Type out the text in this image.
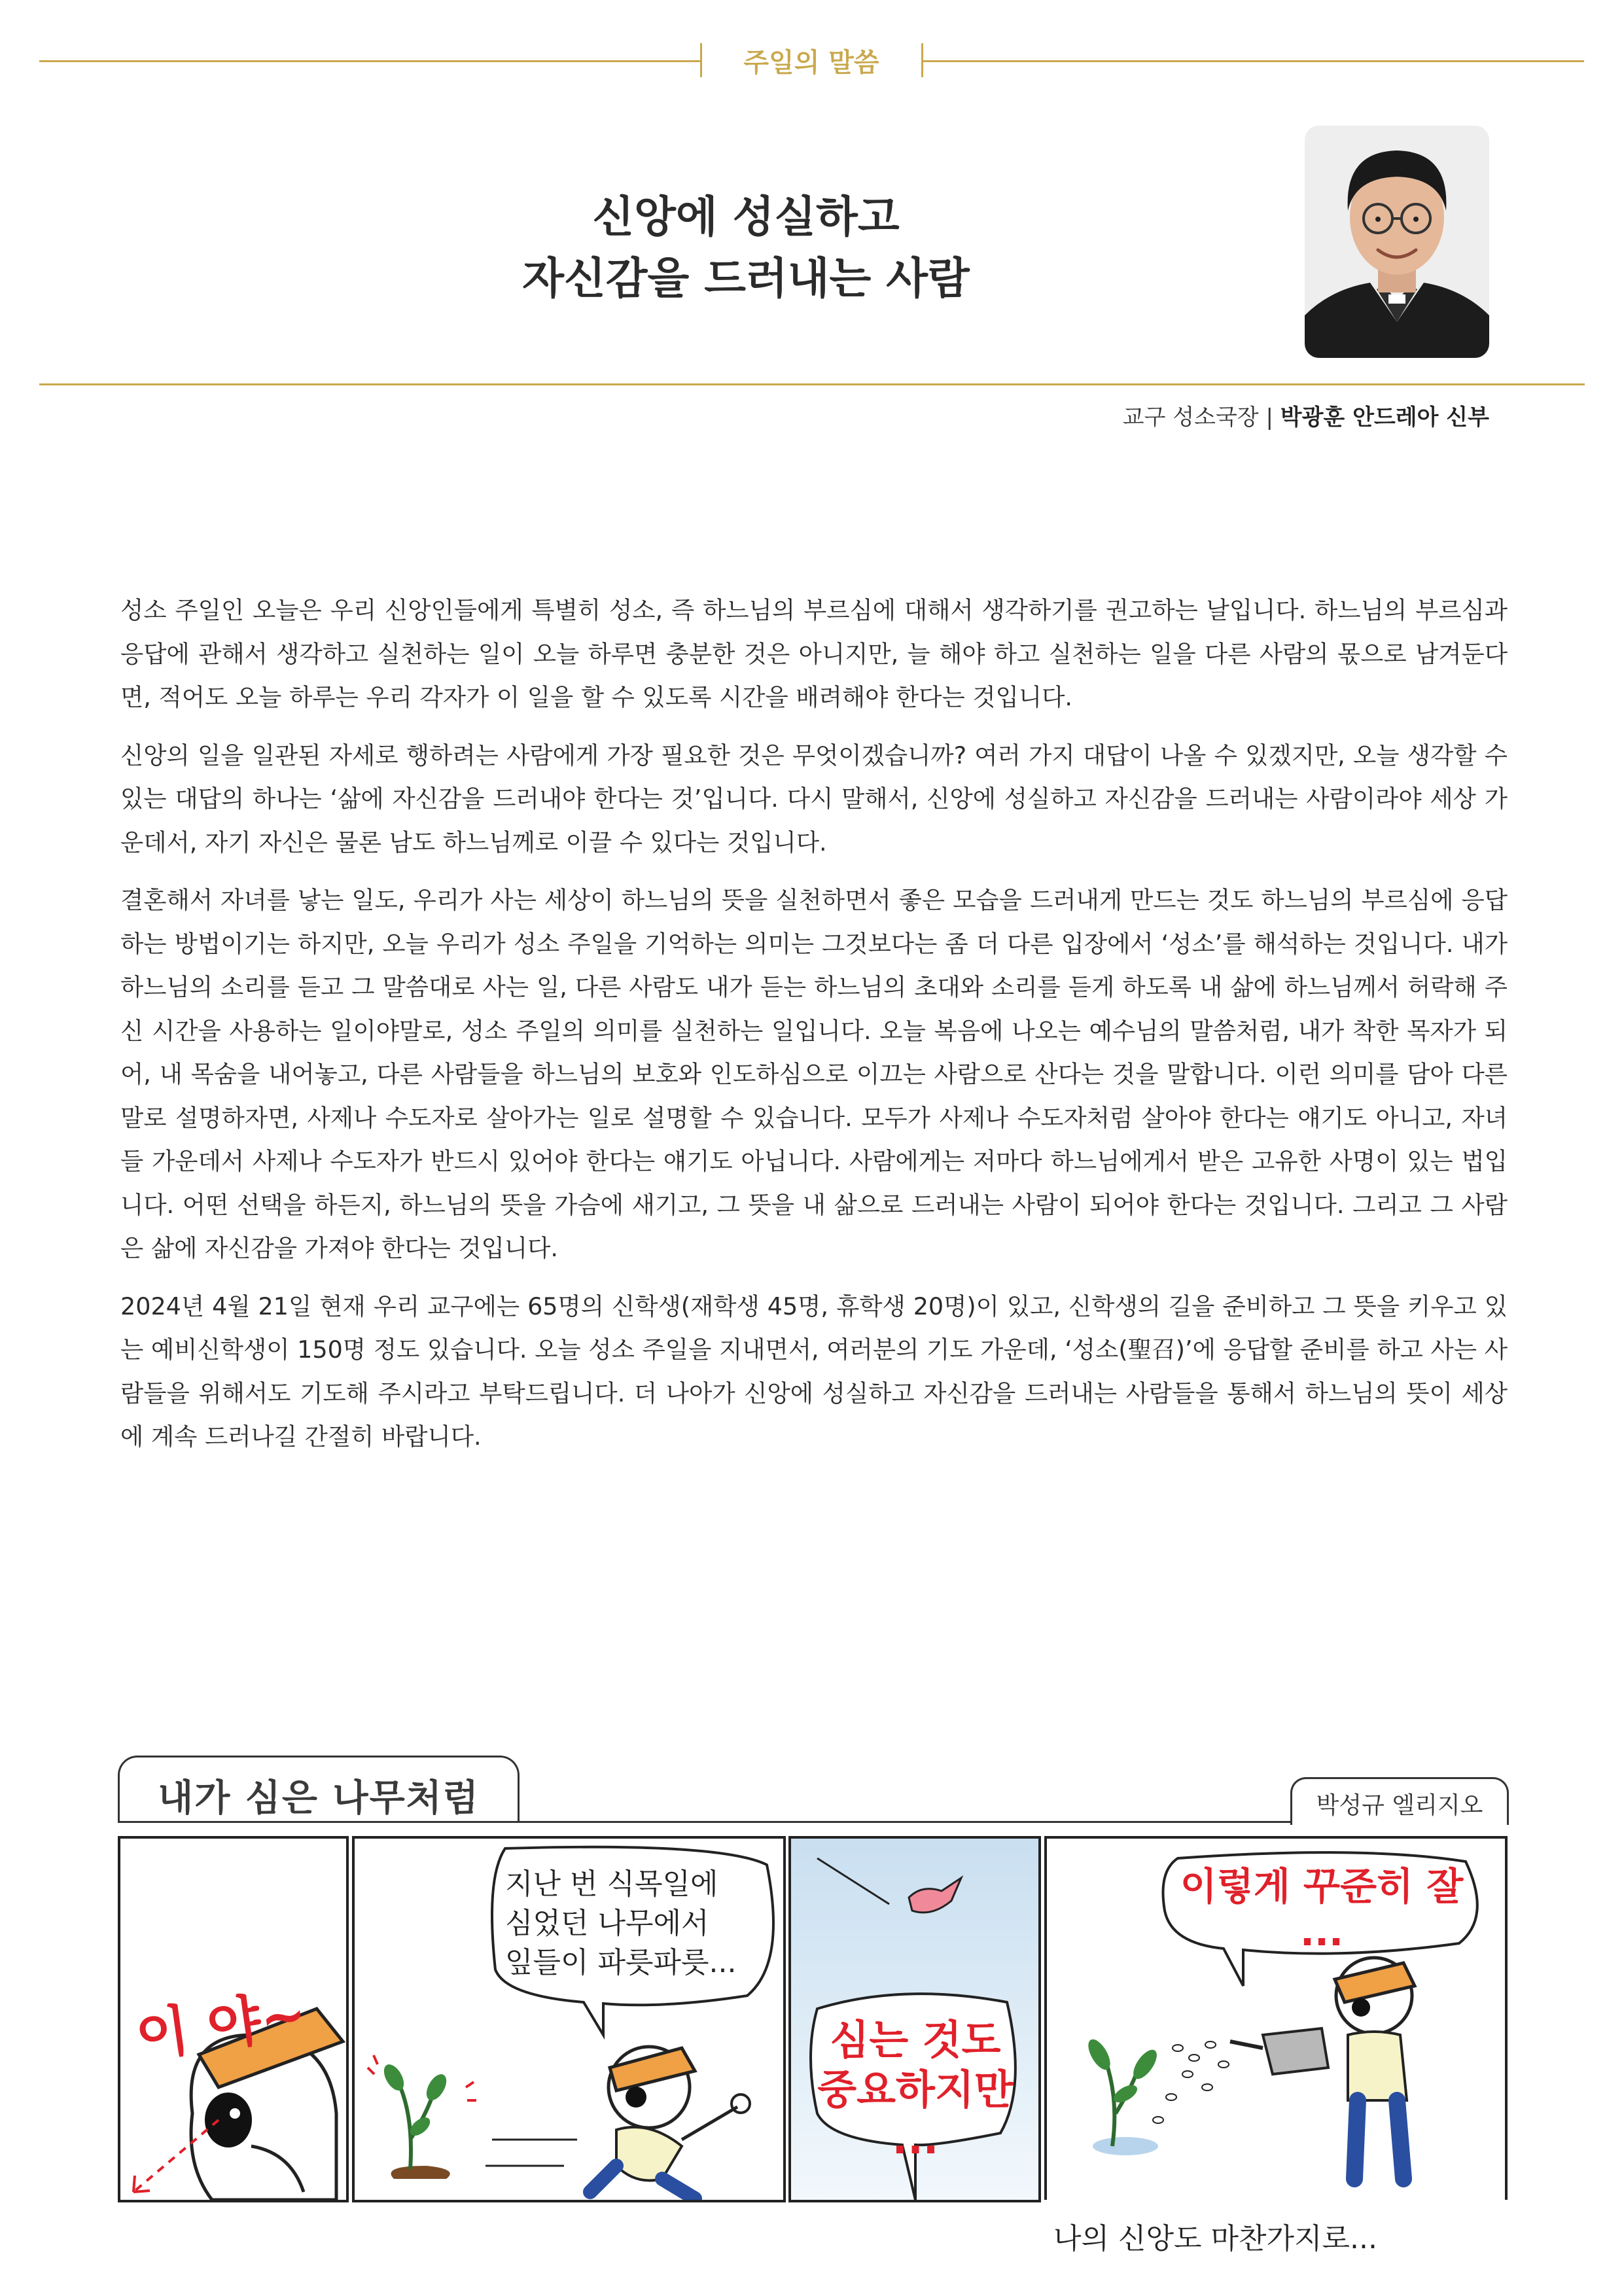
주일의 말씀
신앙에 성실하고
자신감을 드러내는 사람
교구 성소국장 | 박광훈 안드레아 신부

성소 주일인 오늘은 우리 신앙인들에게 특별히 성소, 즉 하느님의 부르심에 대해서 생각하기를 권고하는 날입니다. 하느님의 부르심과 응답에 관해서 생각하고 실천하는 일이 오늘 하루면 충분한 것은 아니지만, 늘 해야 하고 실천하는 일을 다른 사람의 몫으로 남겨둔다면, 적어도 오늘 하루는 우리 각자가 이 일을 할 수 있도록 시간을 배려해야 한다는 것입니다.

신앙의 일을 일관된 자세로 행하려는 사람에게 가장 필요한 것은 무엇이겠습니까? 여러 가지 대답이 나올 수 있겠지만, 오늘 생각할 수 있는 대답의 하나는 ‘삶에 자신감을 드러내야 한다는 것’입니다. 다시 말해서, 신앙에 성실하고 자신감을 드러내는 사람이라야 세상 가운데서, 자기 자신은 물론 남도 하느님께로 이끌 수 있다는 것입니다.

결혼해서 자녀를 낳는 일도, 우리가 사는 세상이 하느님의 뜻을 실천하면서 좋은 모습을 드러내게 만드는 것도 하느님의 부르심에 응답하는 방법이기는 하지만, 오늘 우리가 성소 주일을 기억하는 의미는 그것보다는 좀 더 다른 입장에서 ‘성소’를 해석하는 것입니다. 내가 하느님의 소리를 듣고 그 말씀대로 사는 일, 다른 사람도 내가 듣는 하느님의 초대와 소리를 듣게 하도록 내 삶에 하느님께서 허락해 주신 시간을 사용하는 일이야말로, 성소 주일의 의미를 실천하는 일입니다. 오늘 복음에 나오는 예수님의 말씀처럼, 내가 착한 목자가 되어, 내 목숨을 내어놓고, 다른 사람들을 하느님의 보호와 인도하심으로 이끄는 사람으로 산다는 것을 말합니다. 이런 의미를 담아 다른 말로 설명하자면, 사제나 수도자로 살아가는 일로 설명할 수 있습니다. 모두가 사제나 수도자처럼 살아야 한다는 얘기도 아니고, 자녀들 가운데서 사제나 수도자가 반드시 있어야 한다는 얘기도 아닙니다. 사람에게는 저마다 하느님에게서 받은 고유한 사명이 있는 법입니다. 어떤 선택을 하든지, 하느님의 뜻을 가슴에 새기고, 그 뜻을 내 삶으로 드러내는 사람이 되어야 한다는 것입니다. 그리고 그 사람은 삶에 자신감을 가져야 한다는 것입니다.

2024년 4월 21일 현재 우리 교구에는 65명의 신학생(재학생 45명, 휴학생 20명)이 있고, 신학생의 길을 준비하고 그 뜻을 키우고 있는 예비신학생이 150명 정도 있습니다. 오늘 성소 주일을 지내면서, 여러분의 기도 가운데, ‘성소(聖召)’에 응답할 준비를 하고 사는 사람들을 위해서도 기도해 주시라고 부탁드립니다. 더 나아가 신앙에 성실하고 자신감을 드러내는 사람들을 통해서 하느님의 뜻이 세상에 계속 드러나길 간절히 바랍니다.

내가 심은 나무처럼	박성규 엘리지오
이 야~
지난 번 식목일에
심었던 나무에서
잎들이 파릇파릇...
심는 것도
중요하지만
...
이렇게 꾸준히 잘
...
나의 신앙도 마찬가지로...
